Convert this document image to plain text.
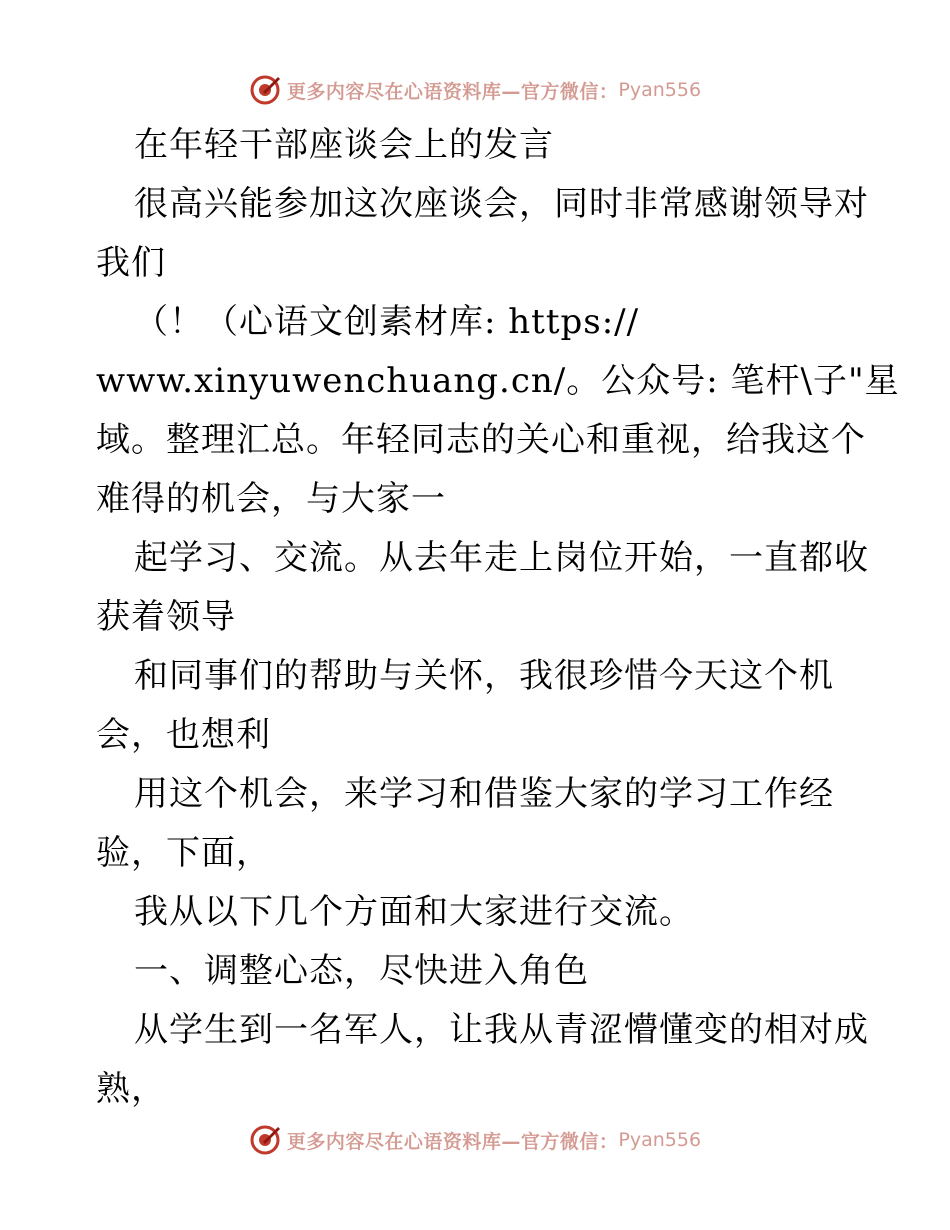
更多内容尽在心语资料库—官方微信： Pyan556
在年轻干部座谈会上的发言
很高兴能参加这次座谈会，同时非常感谢领导对
我们
（！（心语文创素材库: https://
www.xinyuwenchuang.cn/。公众号: 笔杆\子"星
域。整理汇总。年轻同志的关心和重视，给我这个
难得的机会，与大家一
起学习、交流。从去年走上岗位开始，一直都收
获着领导
和同事们的帮助与关怀，我很珍惜今天这个机
会，也想利
用这个机会，来学习和借鉴大家的学习工作经
验，下面，
我从以下几个方面和大家进行交流。
一、调整心态，尽快进入角色
从学生到一名军人，让我从青涩懵懂变的相对成
熟，
更多内容尽在心语资料库—官方微信： Pyan556
